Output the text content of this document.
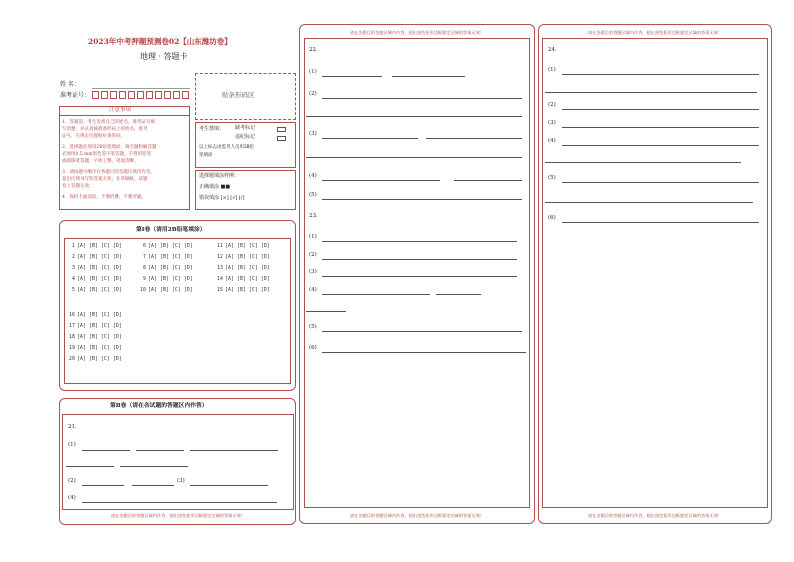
2023年中考押题预测卷02【山东潍坊卷】
地理 · 答题卡
姓 名：
准考证号：	贴条形码区
注意事项
1．答题前，考生先将自己的姓名，准考证号填
写清楚，并认真核准条形码上的姓名、准考
证号，在规定位置贴好条形码。
2．选择题必须用2B铅笔填涂；填空题和解答题
必须用0.5 mm黑色签字笔答题，不得用铅笔
或圆珠笔答题；字体工整、笔迹清晰。
3．请按题号顺序在各题目的答题区域内作答，
超出区域书写的答案无效；在草稿纸、试题
卷上答题无效。
4．保持卡面清洁，不要折叠、不要弄破。
考生禁填： 缺考标记
违纪标记
以上标志由监考人员用2B铅
笔填涂
选择题填涂样例：
正确填涂 ■■
错误填涂 [×] [√] [/]
第Ⅰ卷（请用2B铅笔填涂）
1 [A] [B] [C] [D]
2 [A] [B] [C] [D]
3 [A] [B] [C] [D]
4 [A] [B] [C] [D]
5 [A] [B] [C] [D]
6 [A] [B] [C] [D]
7 [A] [B] [C] [D]
8 [A] [B] [C] [D]
9 [A] [B] [C] [D]
10 [A] [B] [C] [D]
11 [A] [B] [C] [D]
12 [A] [B] [C] [D]
13 [A] [B] [C] [D]
14 [A] [B] [C] [D]
15 [A] [B] [C] [D]
16 [A] [B] [C] [D]
17 [A] [B] [C] [D]
18 [A] [B] [C] [D]
19 [A] [B] [C] [D]
20 [A] [B] [C] [D]
第Ⅱ卷（请在各试题的答题区内作答）
21.
(1)
(2)	(3)
(4)
请在各题目的答题区域内作答，超出黑色矩形边框限定区域的答案无效！
请在各题目的答题区域内作答，超出黑色矩形边框限定区域的答案无效！
22.
(1)
(2)
(3)
(4)
(5)
23.
(1)
(2)
(3)
(4)
(5)
(6)
请在各题目的答题区域内作答，超出黑色矩形边框限定区域的答案无效！
请在各题目的答题区域内作答，超出黑色矩形边框限定区域的答案无效！
24.
(1)
(2)
(3)
(4)
(5)
(6)
请在各题目的答题区域内作答，超出黑色矩形边框限定区域的答案无效！
